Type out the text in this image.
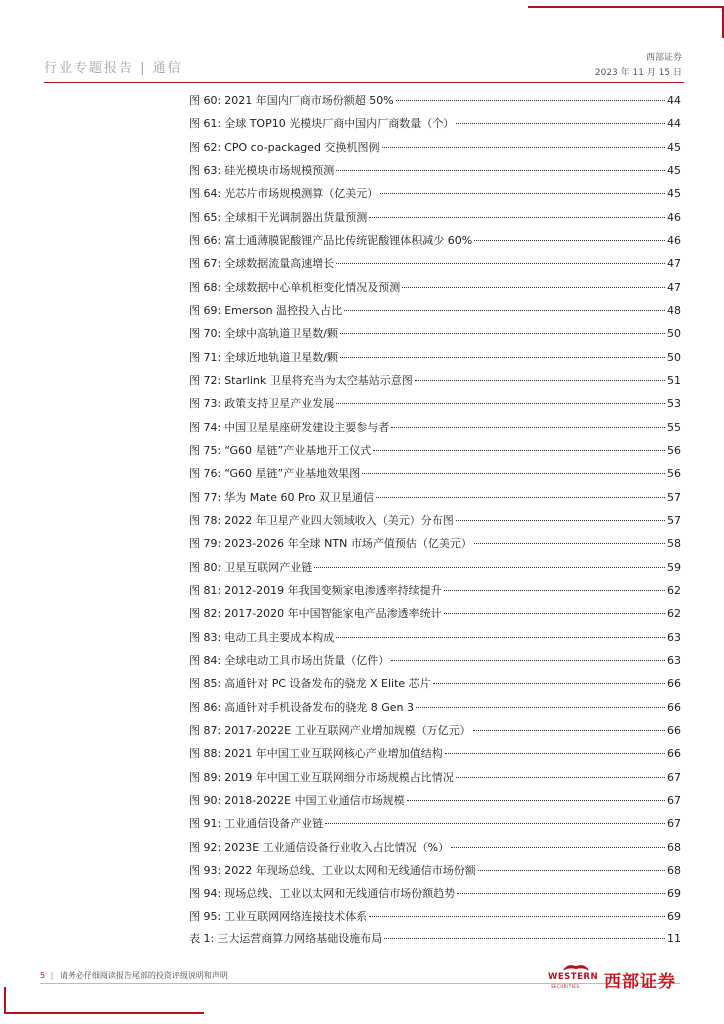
行业专题报告 | 通信
西部证券
2023 年 11 月 15 日
图 60: 2021 年国内厂商市场份额超 50%	44
图 61: 全球 TOP10 光模块厂商中国内厂商数量（个）	44
图 62: CPO co-packaged 交换机图例	45
图 63: 硅光模块市场规模预测	45
图 64: 光芯片市场规模测算（亿美元）	45
图 65: 全球相干光调制器出货量预测	46
图 66: 富士通薄膜铌酸锂产品比传统铌酸锂体积减少 60%	46
图 67: 全球数据流量高速增长	47
图 68: 全球数据中心单机柜变化情况及预测	47
图 69: Emerson 温控投入占比	48
图 70: 全球中高轨道卫星数/颗	50
图 71: 全球近地轨道卫星数/颗	50
图 72: Starlink 卫星将充当为太空基站示意图	51
图 73: 政策支持卫星产业发展	53
图 74: 中国卫星星座研发建设主要参与者	55
图 75: “G60 星链”产业基地开工仪式	56
图 76: “G60 星链”产业基地效果图	56
图 77: 华为 Mate 60 Pro 双卫星通信	57
图 78: 2022 年卫星产业四大领域收入（美元）分布图	57
图 79: 2023-2026 年全球 NTN 市场产值预估（亿美元）	58
图 80: 卫星互联网产业链	59
图 81: 2012-2019 年我国变频家电渗透率持续提升	62
图 82: 2017-2020 年中国智能家电产品渗透率统计	62
图 83: 电动工具主要成本构成	63
图 84: 全球电动工具市场出货量（亿件）	63
图 85: 高通针对 PC 设备发布的骁龙 X Elite 芯片	66
图 86: 高通针对手机设备发布的骁龙 8 Gen 3	66
图 87: 2017-2022E 工业互联网产业增加规模（万亿元）	66
图 88: 2021 年中国工业互联网核心产业增加值结构	66
图 89: 2019 年中国工业互联网细分市场规模占比情况	67
图 90: 2018-2022E 中国工业通信市场规模	67
图 91: 工业通信设备产业链	67
图 92: 2023E 工业通信设备行业收入占比情况（%）	68
图 93: 2022 年现场总线、工业以太网和无线通信市场份额	68
图 94: 现场总线、工业以太网和无线通信市场份额趋势	69
图 95: 工业互联网网络连接技术体系	69
表 1: 三大运营商算力网络基础设施布局	11
5 | 请务必仔细阅读报告尾部的投资评级说明和声明	WESTERN
SECURITIES 西部证券
